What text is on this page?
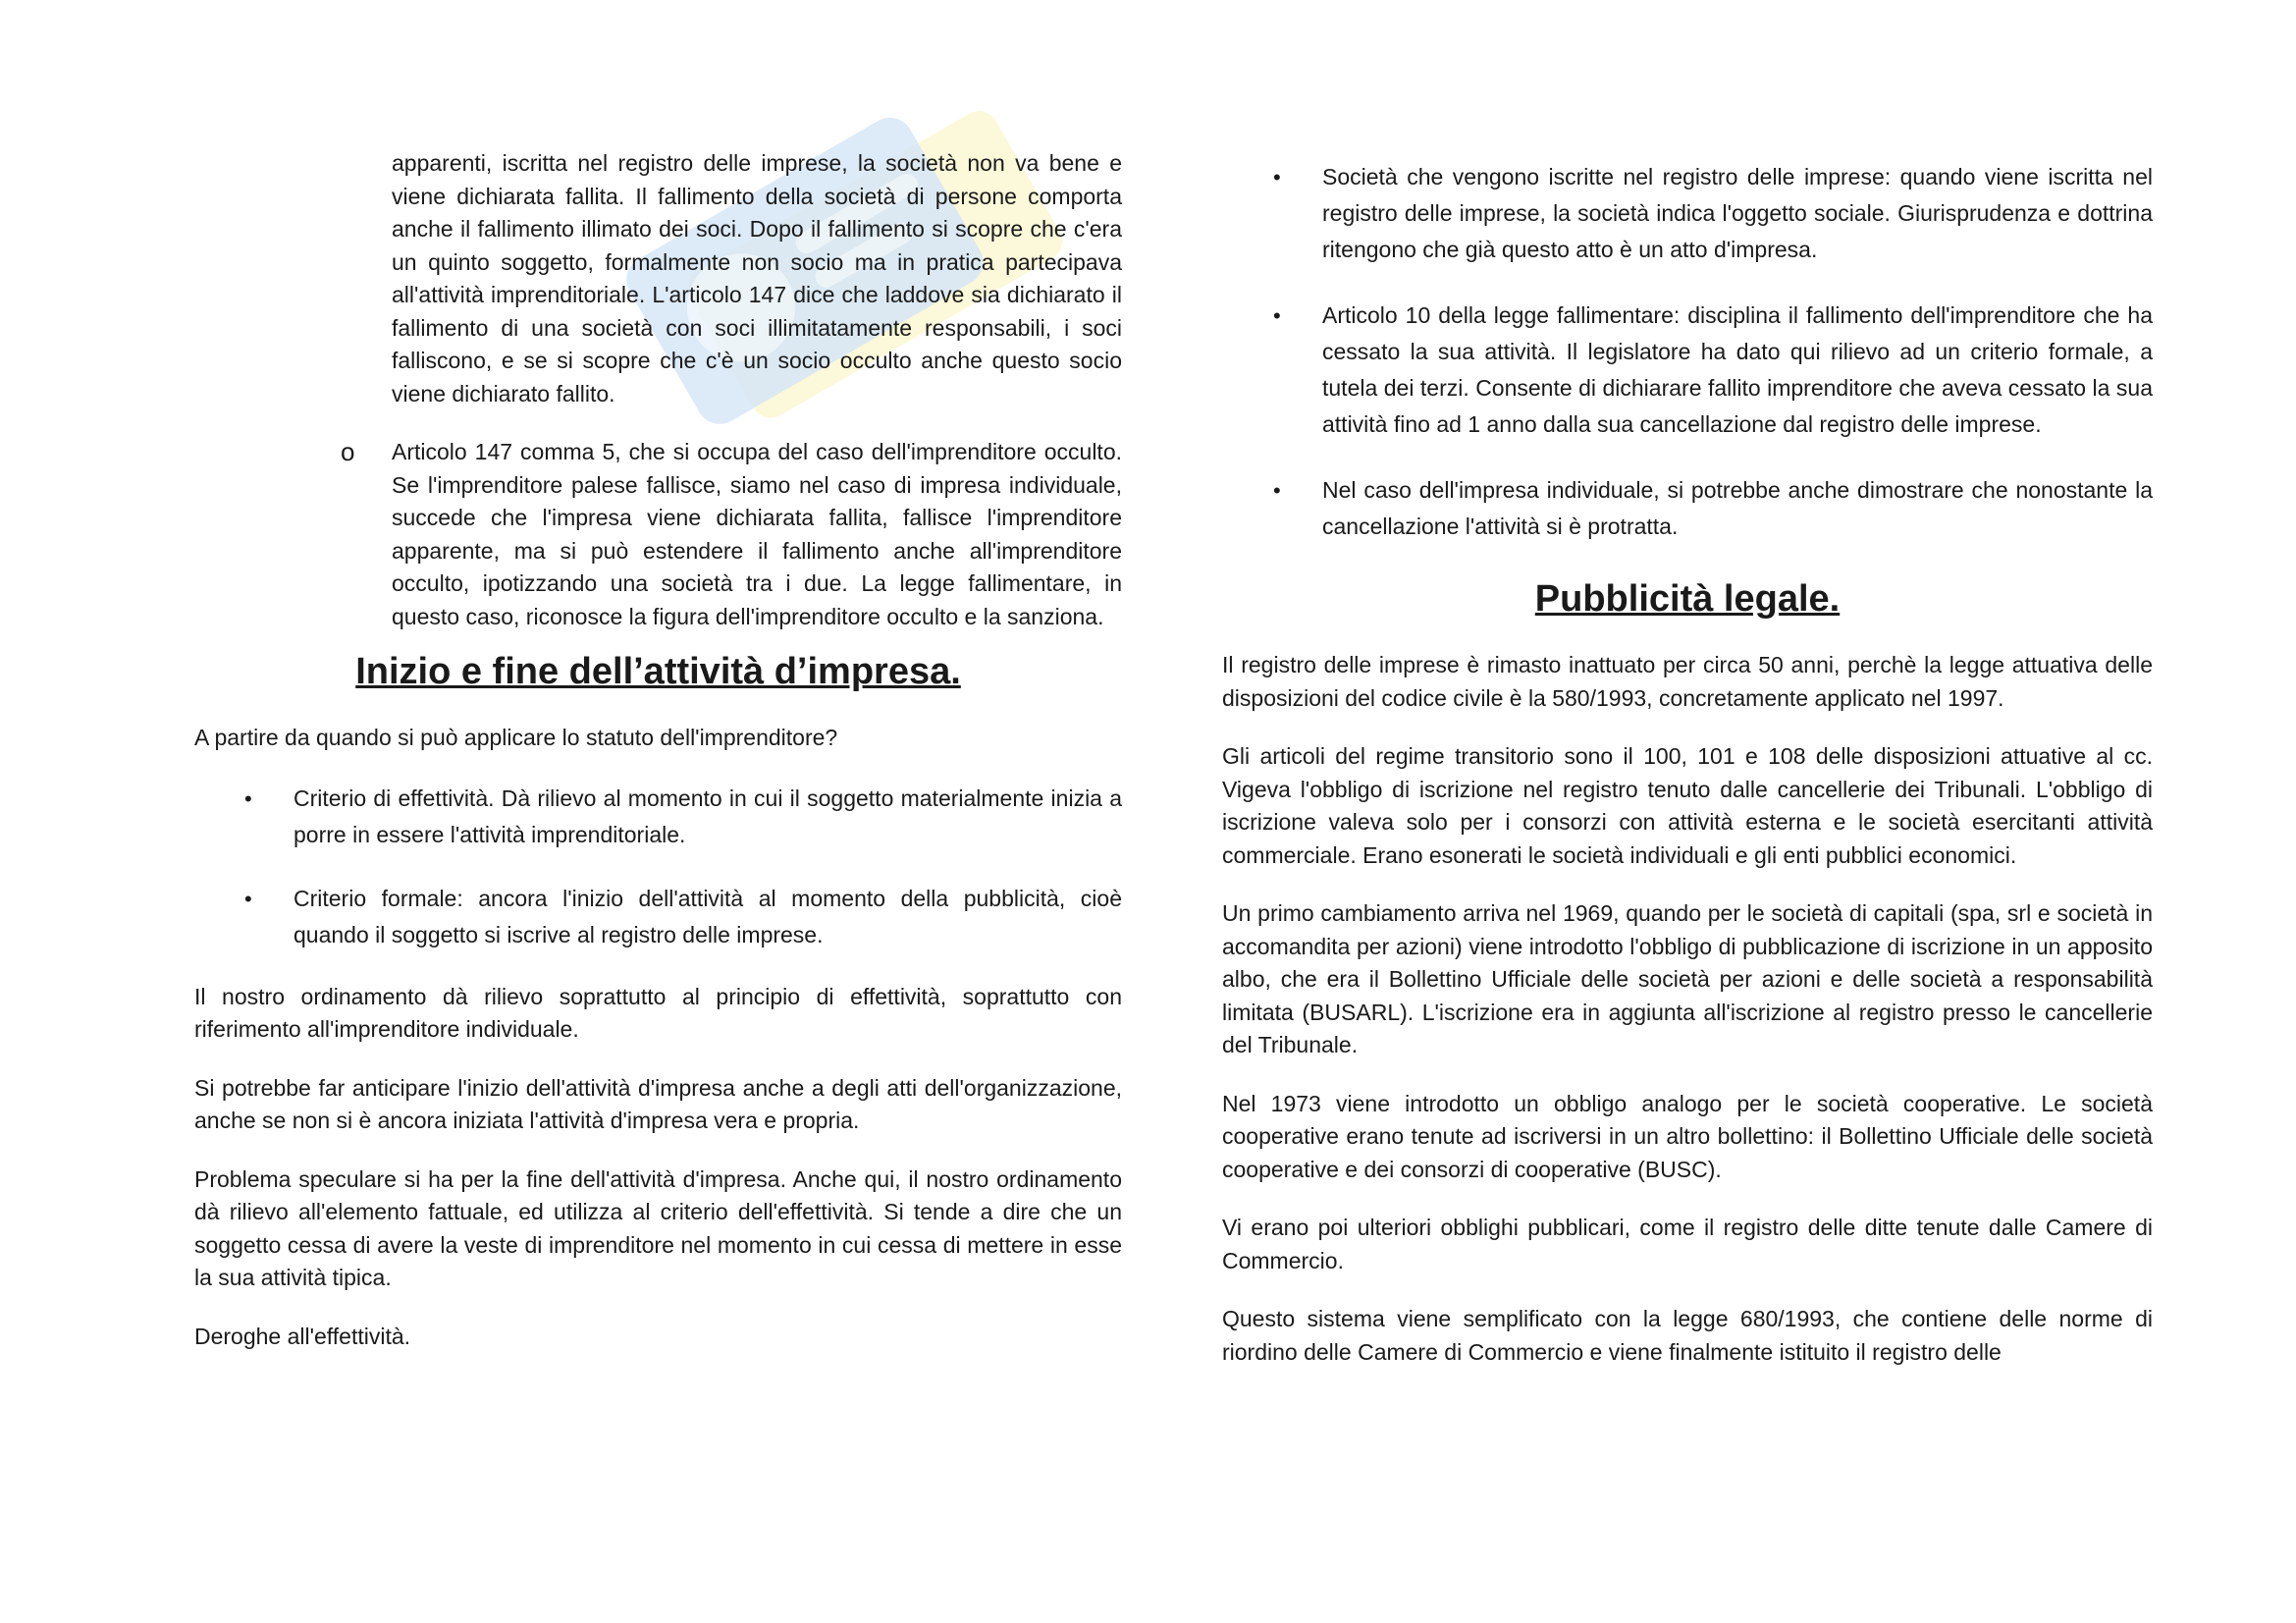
apparenti, iscritta nel registro delle imprese, la società non va bene e viene dichiarata fallita. Il fallimento della società di persone comporta anche il fallimento illimato dei soci. Dopo il fallimento si scopre che c'era un quinto soggetto, formalmente non socio ma in pratica partecipava all'attività imprenditoriale. L'articolo 147 dice che laddove sia dichiarato il fallimento di una società con soci illimitatamente responsabili, i soci falliscono, e se si scopre che c'è un socio occulto anche questo socio viene dichiarato fallito.

o Articolo 147 comma 5, che si occupa del caso dell'imprenditore occulto. Se l'imprenditore palese fallisce, siamo nel caso di impresa individuale, succede che l'impresa viene dichiarata fallita, fallisce l'imprenditore apparente, ma si può estendere il fallimento anche all'imprenditore occulto, ipotizzando una società tra i due. La legge fallimentare, in questo caso, riconosce la figura dell'imprenditore occulto e la sanziona.

Inizio e fine dell’attività d’impresa.

A partire da quando si può applicare lo statuto dell'imprenditore?

• Criterio di effettività. Dà rilievo al momento in cui il soggetto materialmente inizia a porre in essere l'attività imprenditoriale.
• Criterio formale: ancora l'inizio dell'attività al momento della pubblicità, cioè quando il soggetto si iscrive al registro delle imprese.

Il nostro ordinamento dà rilievo soprattutto al principio di effettività, soprattutto con riferimento all'imprenditore individuale.

Si potrebbe far anticipare l'inizio dell'attività d'impresa anche a degli atti dell'organizzazione, anche se non si è ancora iniziata l'attività d'impresa vera e propria.

Problema speculare si ha per la fine dell'attività d'impresa. Anche qui, il nostro ordinamento dà rilievo all'elemento fattuale, ed utilizza al criterio dell'effettività. Si tende a dire che un soggetto cessa di avere la veste di imprenditore nel momento in cui cessa di mettere in esse la sua attività tipica.

Deroghe all'effettività.

• Società che vengono iscritte nel registro delle imprese: quando viene iscritta nel registro delle imprese, la società indica l'oggetto sociale. Giurisprudenza e dottrina ritengono che già questo atto è un atto d'impresa.
• Articolo 10 della legge fallimentare: disciplina il fallimento dell'imprenditore che ha cessato la sua attività. Il legislatore ha dato qui rilievo ad un criterio formale, a tutela dei terzi. Consente di dichiarare fallito imprenditore che aveva cessato la sua attività fino ad 1 anno dalla sua cancellazione dal registro delle imprese.
• Nel caso dell'impresa individuale, si potrebbe anche dimostrare che nonostante la cancellazione l'attività si è protratta.
Pubblicità legale.

Il registro delle imprese è rimasto inattuato per circa 50 anni, perchè la legge attuativa delle disposizioni del codice civile è la 580/1993, concretamente applicato nel 1997.

Gli articoli del regime transitorio sono il 100, 101 e 108 delle disposizioni attuative al cc. Vigeva l'obbligo di iscrizione nel registro tenuto dalle cancellerie dei Tribunali. L'obbligo di iscrizione valeva solo per i consorzi con attività esterna e le società esercitanti attività commerciale. Erano esonerati le società individuali e gli enti pubblici economici.

Un primo cambiamento arriva nel 1969, quando per le società di capitali (spa, srl e società in accomandita per azioni) viene introdotto l'obbligo di pubblicazione di iscrizione in un apposito albo, che era il Bollettino Ufficiale delle società per azioni e delle società a responsabilità limitata (BUSARL). L'iscrizione era in aggiunta all'iscrizione al registro presso le cancellerie del Tribunale.

Nel 1973 viene introdotto un obbligo analogo per le società cooperative. Le società cooperative erano tenute ad iscriversi in un altro bollettino: il Bollettino Ufficiale delle società cooperative e dei consorzi di cooperative (BUSC).

Vi erano poi ulteriori obblighi pubblicari, come il registro delle ditte tenute dalle Camere di Commercio.

Questo sistema viene semplificato con la legge 680/1993, che contiene delle norme di riordino delle Camere di Commercio e viene finalmente istituito il registro delle
